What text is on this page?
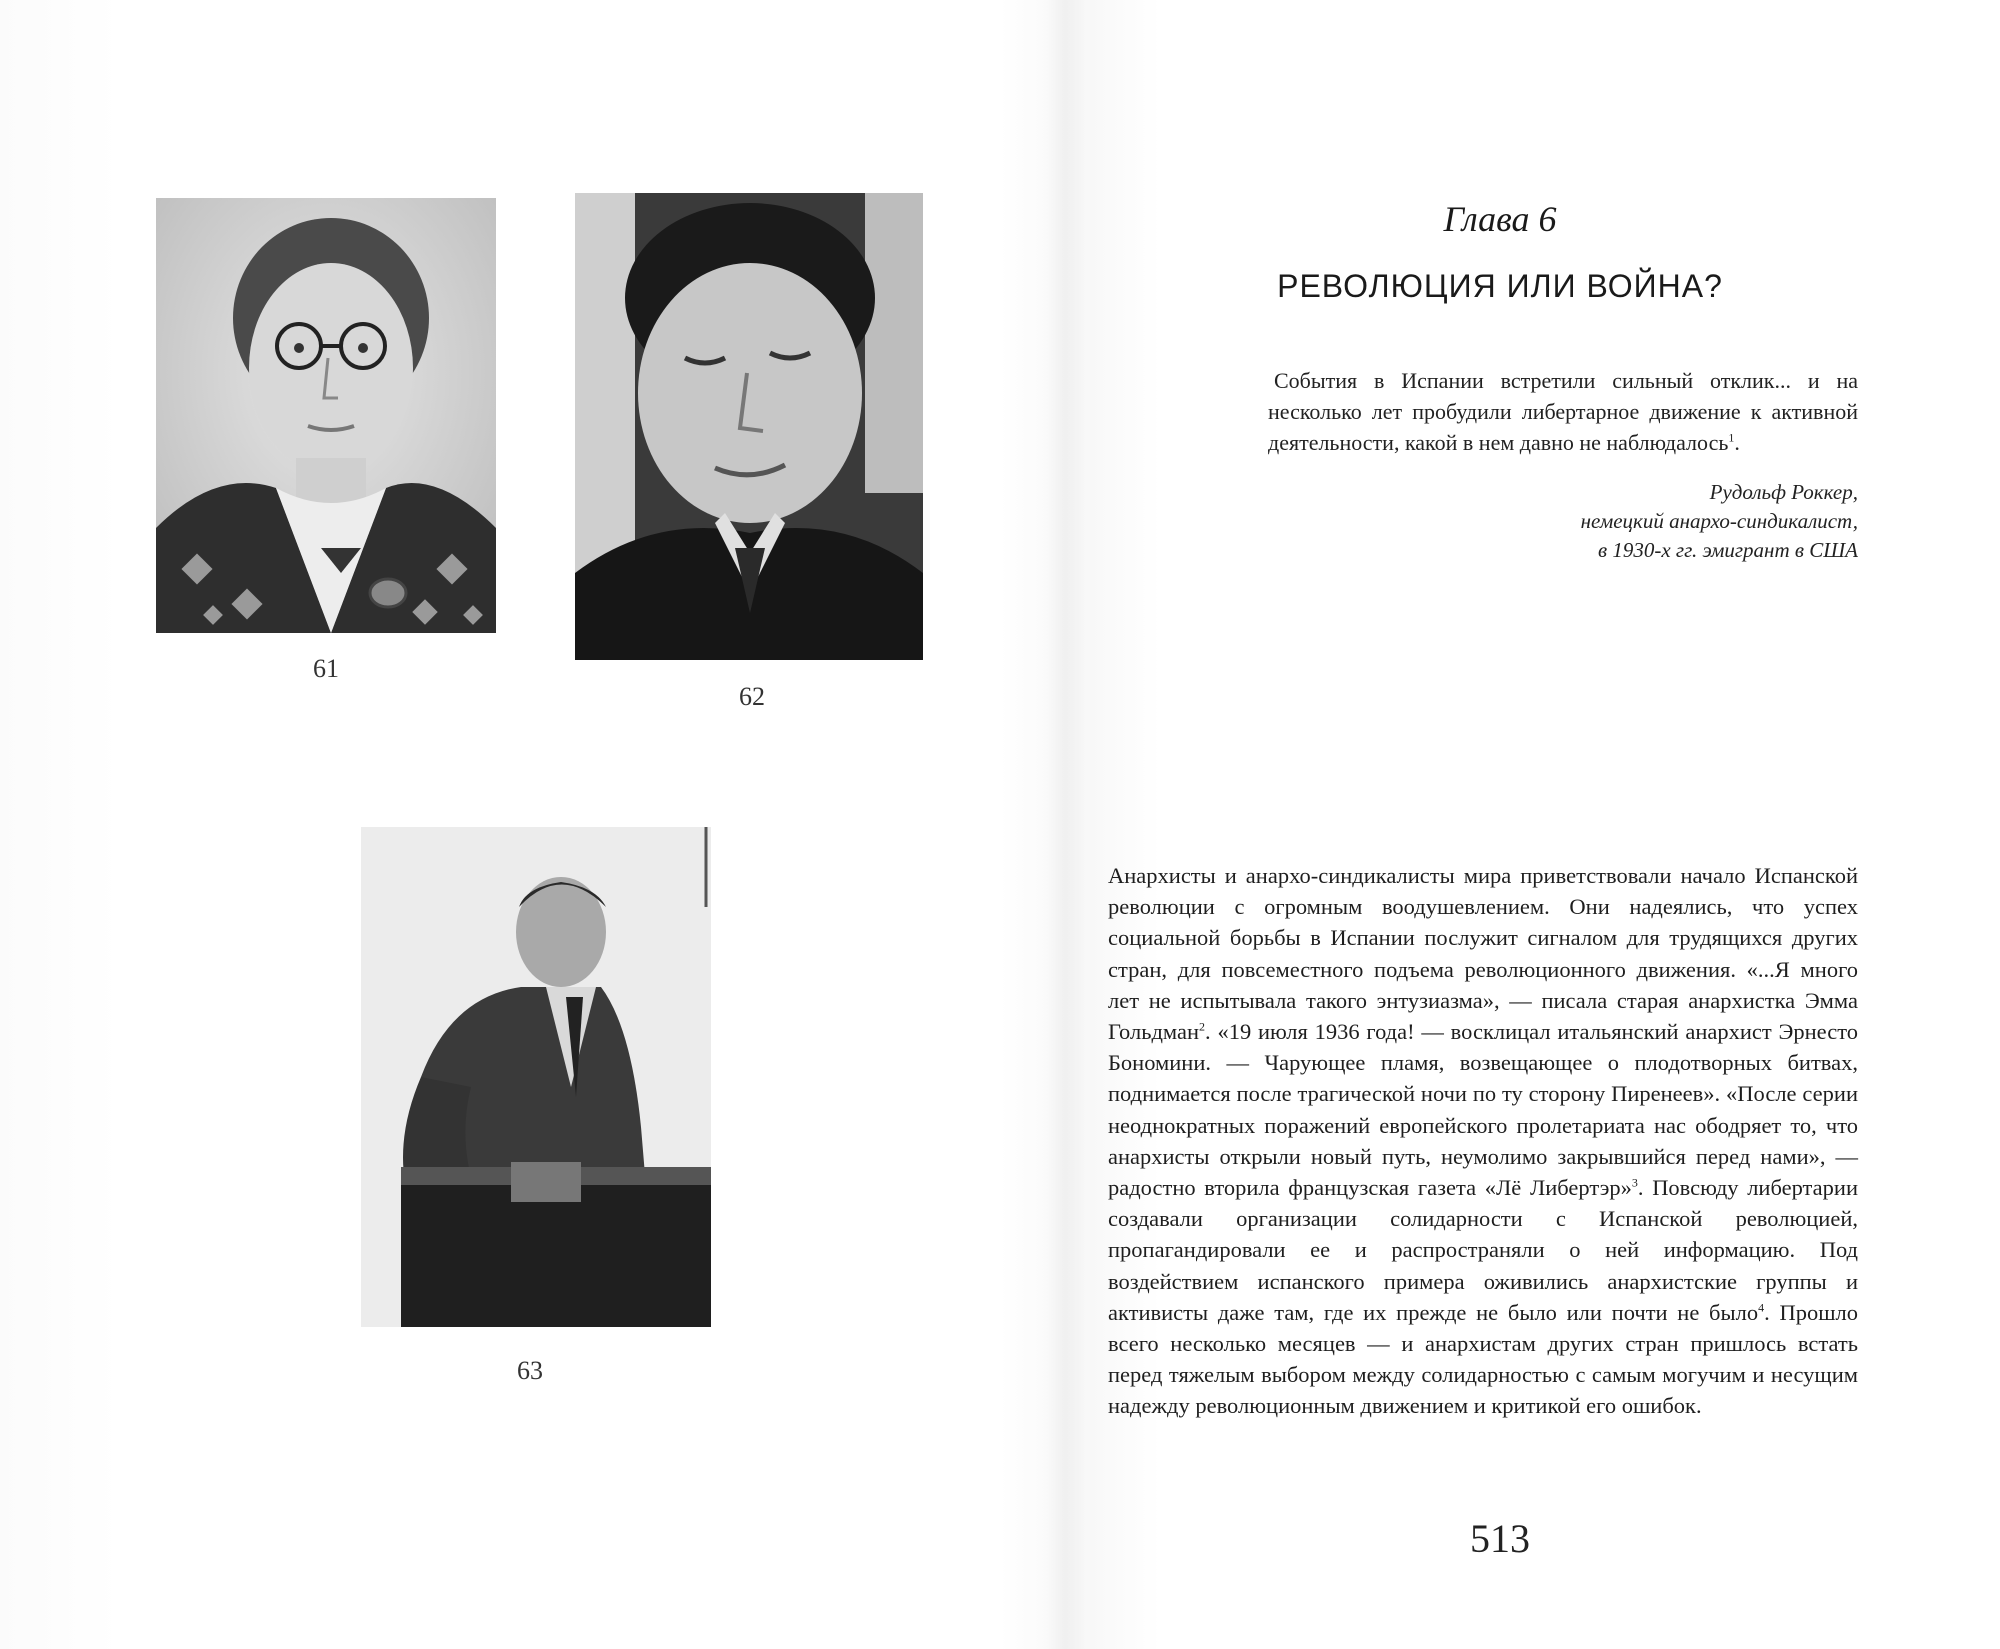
61
62
63
Глава 6
РЕВОЛЮЦИЯ ИЛИ ВОЙНА?
События в Испании встретили сильный отклик... и на несколько лет пробудили либертарное движение к активной деятельности, какой в нем давно не наблюдалось$^1$.
Рудольф Роккер,
немецкий анархо-синдикалист,
в 1930-х гг. эмигрант в США
Анархисты и анархо-синдикалисты мира приветствовали начало Испанской революции с огромным воодушевлением. Они надеялись, что успех социальной борьбы в Испании послужит сигналом для трудящихся других стран, для повсеместного подъема революционного движения. «...Я много лет не испытывала такого энтузиазма», — писала старая анархистка Эмма Гольдман$^2$. «19 июля 1936 года! — восклицал итальянский анархист Эрнесто Бономини. — Чарующее пламя, возвещающее о плодотворных битвах, поднимается после трагической ночи по ту сторону Пиренеев». «После серии неоднократных поражений европейского пролетариата нас ободряет то, что анархисты открыли новый путь, неумолимо закрывшийся перед нами», — радостно вторила французская газета «Лё Либертэр»$^3$. Повсюду либертарии создавали организации солидарности с Испанской революцией, пропагандировали ее и распространяли о ней информацию. Под воздействием испанского примера оживились анархистские группы и активисты даже там, где их прежде не было или почти не было$^4$. Прошло всего несколько месяцев — и анархистам других стран пришлось встать перед тяжелым выбором между солидарностью с самым могучим и несущим надежду революционным движением и критикой его ошибок.
513
